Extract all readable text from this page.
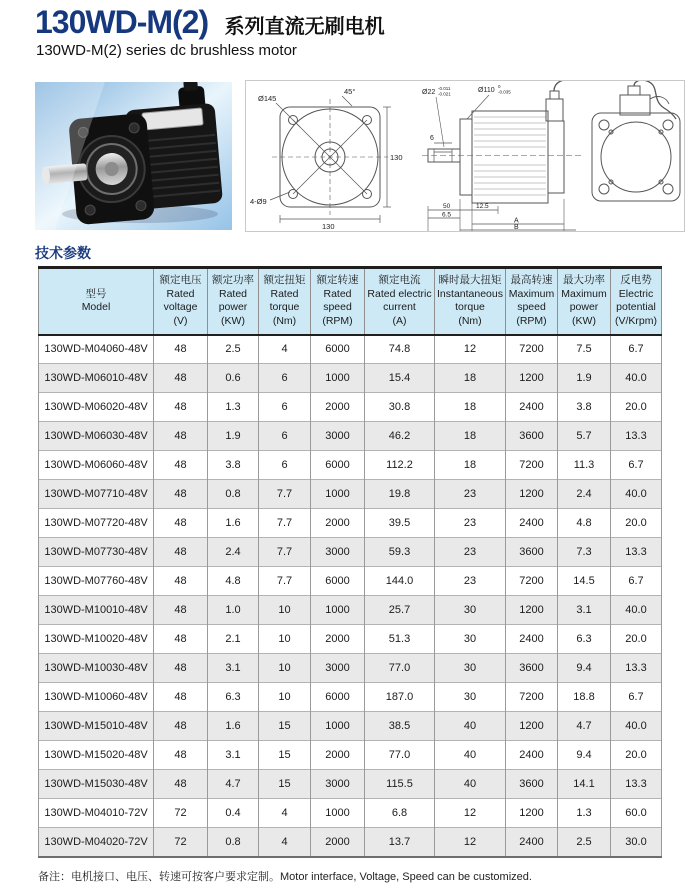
130WD-M(2) 系列直流无刷电机
130WD-M(2) series dc brushless motor
Ø145
45°
130
130
4-Ø9
Ø22
-0.011
-0.021	Ø110
0
-0.035
6
50	12.5
6.5
A
B
技术参数
型号
Model

额定电压
Rated voltage
(V)

额定功率
Rated power
(KW)

额定扭矩
Rated torque
(Nm)

额定转速
Rated speed
(RPM)

额定电流
Rated electric current
(A)

瞬时最大扭矩
Instantaneous torque
(Nm)

最高转速
Maximum speed
(RPM)

最大功率
Maximum power
(KW)

反电势
Electric potential
(V/Krpm)

130WD-M04060-48V	48	2.5	4	6000	74.8	12	7200	7.5	6.7
130WD-M06010-48V	48	0.6	6	1000	15.4	18	1200	1.9	40.0
130WD-M06020-48V	48	1.3	6	2000	30.8	18	2400	3.8	20.0
130WD-M06030-48V	48	1.9	6	3000	46.2	18	3600	5.7	13.3
130WD-M06060-48V	48	3.8	6	6000	112.2	18	7200	11.3	6.7
130WD-M07710-48V	48	0.8	7.7	1000	19.8	23	1200	2.4	40.0
130WD-M07720-48V	48	1.6	7.7	2000	39.5	23	2400	4.8	20.0
130WD-M07730-48V	48	2.4	7.7	3000	59.3	23	3600	7.3	13.3
130WD-M07760-48V	48	4.8	7.7	6000	144.0	23	7200	14.5	6.7
130WD-M10010-48V	48	1.0	10	1000	25.7	30	1200	3.1	40.0
130WD-M10020-48V	48	2.1	10	2000	51.3	30	2400	6.3	20.0
130WD-M10030-48V	48	3.1	10	3000	77.0	30	3600	9.4	13.3
130WD-M10060-48V	48	6.3	10	6000	187.0	30	7200	18.8	6.7
130WD-M15010-48V	48	1.6	15	1000	38.5	40	1200	4.7	40.0
130WD-M15020-48V	48	3.1	15	2000	77.0	40	2400	9.4	20.0
130WD-M15030-48V	48	4.7	15	3000	115.5	40	3600	14.1	13.3
130WD-M04010-72V	72	0.4	4	1000	6.8	12	1200	1.3	60.0
130WD-M04020-72V	72	0.8	4	2000	13.7	12	2400	2.5	30.0
备注：电机接口、电压、转速可按客户要求定制。Motor interface, Voltage, Speed can be customized.
